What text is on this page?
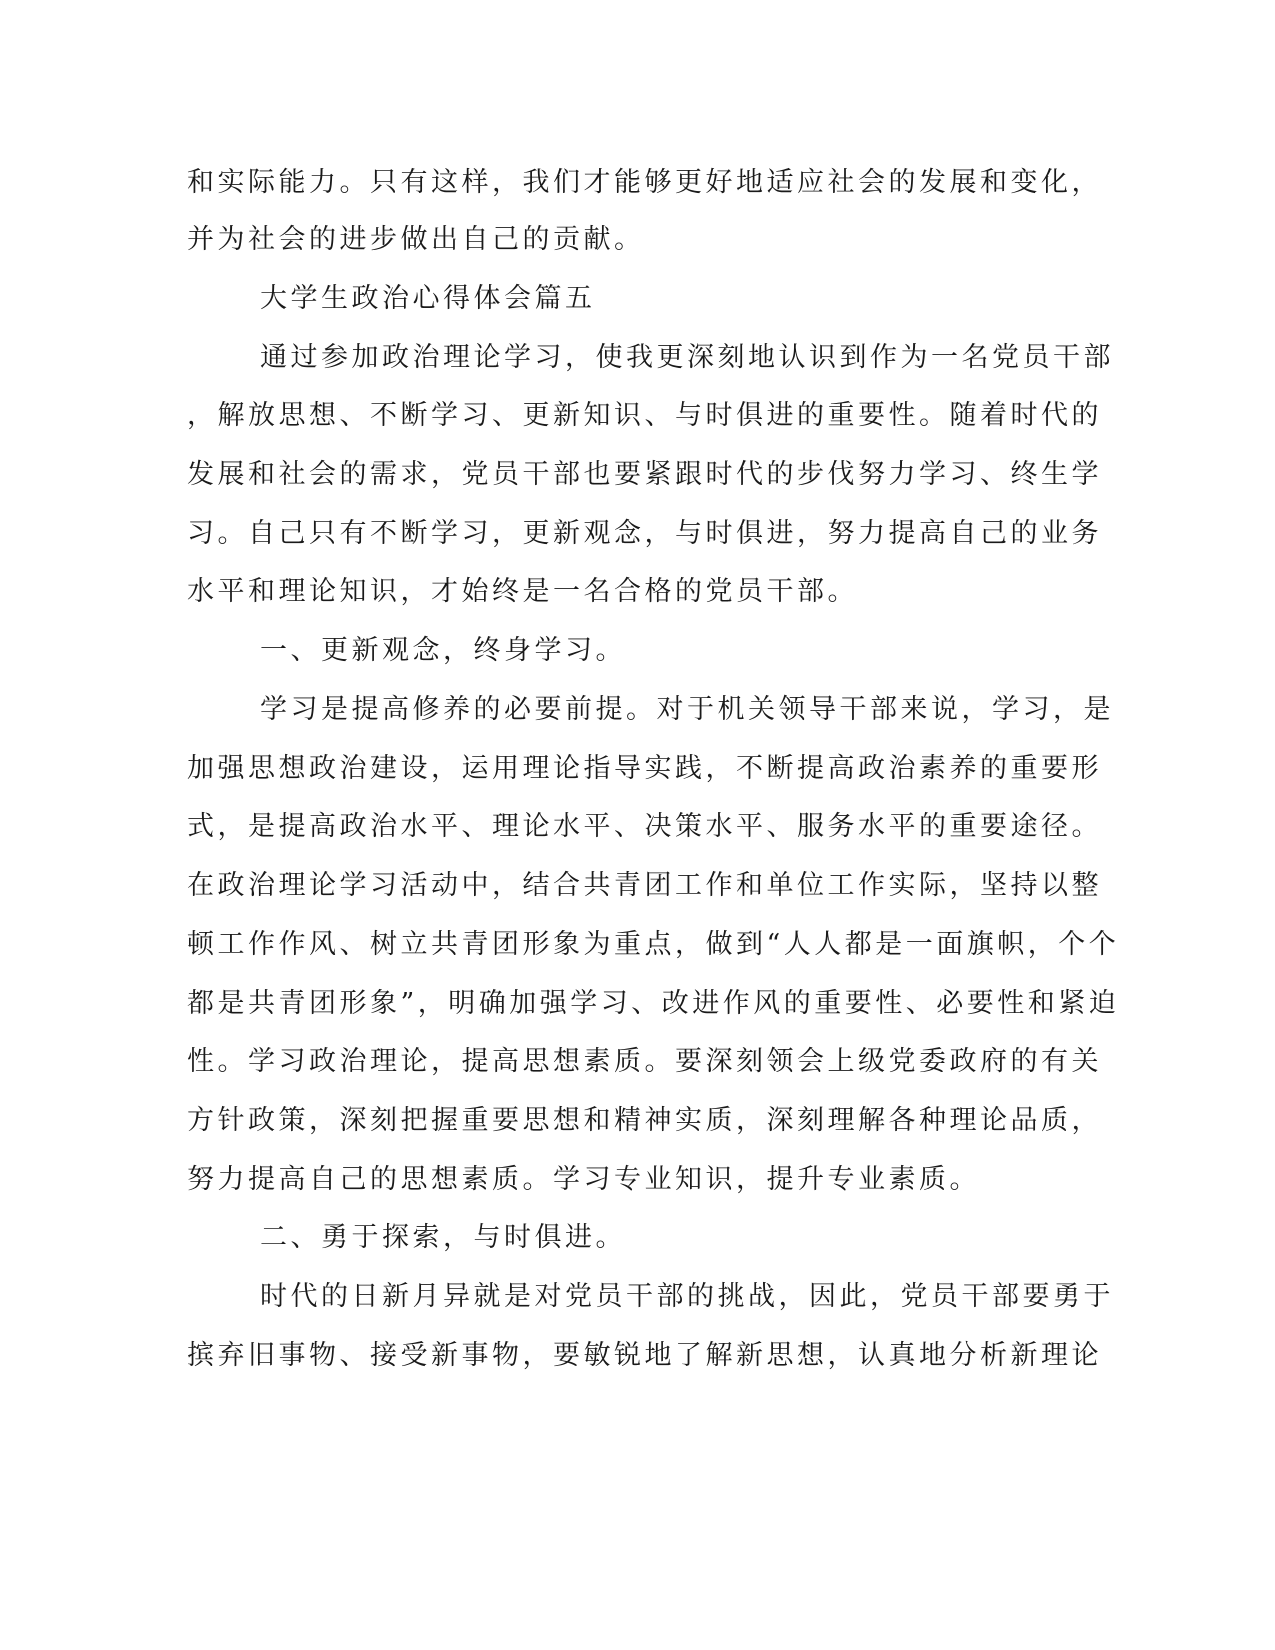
和实际能力。只有这样，我们才能够更好地适应社会的发展和变化，
并为社会的进步做出自己的贡献。
大学生政治心得体会篇五
通过参加政治理论学习，使我更深刻地认识到作为一名党员干部
，解放思想、不断学习、更新知识、与时俱进的重要性。随着时代的
发展和社会的需求，党员干部也要紧跟时代的步伐努力学习、终生学
习。自己只有不断学习，更新观念，与时俱进，努力提高自己的业务
水平和理论知识，才始终是一名合格的党员干部。
一、更新观念，终身学习。
学习是提高修养的必要前提。对于机关领导干部来说，学习，是
加强思想政治建设，运用理论指导实践，不断提高政治素养的重要形
式，是提高政治水平、理论水平、决策水平、服务水平的重要途径。
在政治理论学习活动中，结合共青团工作和单位工作实际，坚持以整
顿工作作风、树立共青团形象为重点，做到“人人都是一面旗帜，个个
都是共青团形象”，明确加强学习、改进作风的重要性、必要性和紧迫
性。学习政治理论，提高思想素质。要深刻领会上级党委政府的有关
方针政策，深刻把握重要思想和精神实质，深刻理解各种理论品质，
努力提高自己的思想素质。学习专业知识，提升专业素质。
二、勇于探索，与时俱进。
时代的日新月异就是对党员干部的挑战，因此，党员干部要勇于
摈弃旧事物、接受新事物，要敏锐地了解新思想，认真地分析新理论
